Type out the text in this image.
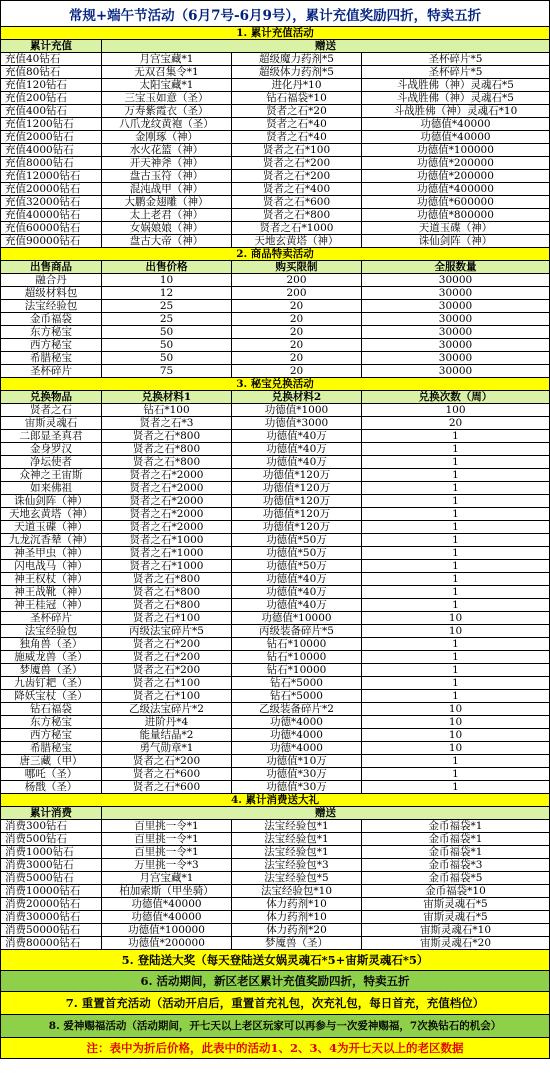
常规+端午节活动（6月7号-6月9号），累计充值奖励四折，特卖五折
1. 累计充值活动
累计充值	赠送
充值40钻石	月宫宝藏*1	超级魔力药剂*5	圣杯碎片*5
充值80钻石	无双召集令*1	超级体力药剂*5	圣杯碎片*5
充值120钻石	太阳宝藏*1	进化丹*10	斗战胜佛（神）灵魂石*5
充值200钻石	三宝玉如意（圣）	钻石福袋*10	斗战胜佛（神）灵魂石*5
充值400钻石	万寿紫霞衣（圣）	贤者之石*20	斗战胜佛（神）灵魂石*10
充值1200钻石	八爪龙纹黄袍（圣）	贤者之石*40	功德值*40000
充值2000钻石	金刚琢（神）	贤者之石*40	功德值*40000
充值4000钻石	水火花篮（神）	贤者之石*100	功德值*100000
充值8000钻石	开天神斧（神）	贤者之石*200	功德值*200000
充值12000钻石	盘古玉符（神）	贤者之石*200	功德值*200000
充值20000钻石	混沌战甲（神）	贤者之石*400	功德值*400000
充值32000钻石	大鹏金翅雕（神）	贤者之石*600	功德值*600000
充值40000钻石	太上老君（神）	贤者之石*800	功德值*800000
充值60000钻石	女娲娘娘（神）	贤者之石*1000	天道玉碟（神）
充值90000钻石	盘古大帝（神）	天地玄黄塔（神）	诛仙剑阵（神）
2. 商品特卖活动
出售商品	出售价格	购买限制	全服数量
融合丹	10	200	30000
超级材料包	12	200	30000
法宝经验包	25	20	30000
金币福袋	25	20	30000
东方秘宝	50	20	30000
西方秘宝	50	20	30000
希腊秘宝	50	20	30000
圣杯碎片	75	20	30000
3. 秘宝兑换活动
兑换物品	兑换材料1	兑换材料2	兑换次数（周）
贤者之石	钻石*100	功德值*1000	100
宙斯灵魂石	贤者之石*3	功德值*3000	20
二郎显圣真君	贤者之石*800	功德值*40万	1
金身罗汉	贤者之石*800	功德值*40万	1
净坛使者	贤者之石*800	功德值*40万	1
众神之王宙斯	贤者之石*2000	功德值*120万	1
如来佛祖	贤者之石*2000	功德值*120万	1
诛仙剑阵（神）	贤者之石*2000	功德值*120万	1
天地玄黄塔（神）	贤者之石*2000	功德值*120万	1
天道玉碟（神）	贤者之石*2000	功德值*120万	1
九龙沉香辇（神）	贤者之石*1000	功德值*50万	1
神圣甲虫（神）	贤者之石*1000	功德值*50万	1
闪电战马（神）	贤者之石*1000	功德值*50万	1
神王权杖（神）	贤者之石*800	功德值*40万	1
神王战靴（神）	贤者之石*800	功德值*40万	1
神王桂冠（神）	贤者之石*800	功德值*40万	1
圣杯碎片	贤者之石*100	功德值*10000	10
法宝经验包	丙级法宝碎片*5	丙级装备碎片*5	10
独角兽（圣）	贤者之石*200	钻石*10000	1
施威龙兽（圣）	贤者之石*200	钻石*10000	1
梦魇兽（圣）	贤者之石*200	钻石*10000	1
九齿钉耙（圣）	贤者之石*100	钻石*5000	1
降妖宝杖（圣）	贤者之石*100	钻石*5000	1
钻石福袋	乙级法宝碎片*2	乙级装备碎片*2	10
东方秘宝	进阶丹*4	功德*4000	10
西方秘宝	能量结晶*2	功德*4000	10
希腊秘宝	勇气勋章*1	功德*4000	10
唐三藏（甲）	贤者之石*200	功德值*10万	1
哪吒（圣）	贤者之石*600	功德值*30万	1
杨戬（圣）	贤者之石*600	功德值*30万	1
4. 累计消费送大礼
累计消费	赠送
消费300钻石	百里挑一令*1	法宝经验包*1	金币福袋*1
消费500钻石	百里挑一令*1	法宝经验包*1	金币福袋*1
消费1000钻石	百里挑一令*1	法宝经验包*1	金币福袋*1
消费3000钻石	万里挑一令*3	法宝经验包*3	金币福袋*3
消费5000钻石	月宫宝藏*1	法宝经验包*5	金币福袋*5
消费10000钻石	柏加索斯（甲坐骑）	法宝经验包*10	金币福袋*10
消费20000钻石	功德值*40000	体力药剂*10	宙斯灵魂石*5
消费30000钻石	功德值*40000	体力药剂*10	宙斯灵魂石*5
消费50000钻石	功德值*100000	体力药剂*20	宙斯灵魂石*10
消费80000钻石	功德值*200000	梦魇兽（圣）	宙斯灵魂石*20
5. 登陆送大奖（每天登陆送女娲灵魂石*5+宙斯灵魂石*5）
6. 活动期间，新区老区累计充值奖励四折，特卖五折
7. 重置首充活动（活动开启后，重置首充礼包，次充礼包，每日首充，充值档位）
8. 爱神赐福活动（活动期间，开七天以上老区玩家可以再参与一次爱神赐福，7次换钻石的机会）
注：表中为折后价格，此表中的活动1、2、3、4为开七天以上的老区数据
